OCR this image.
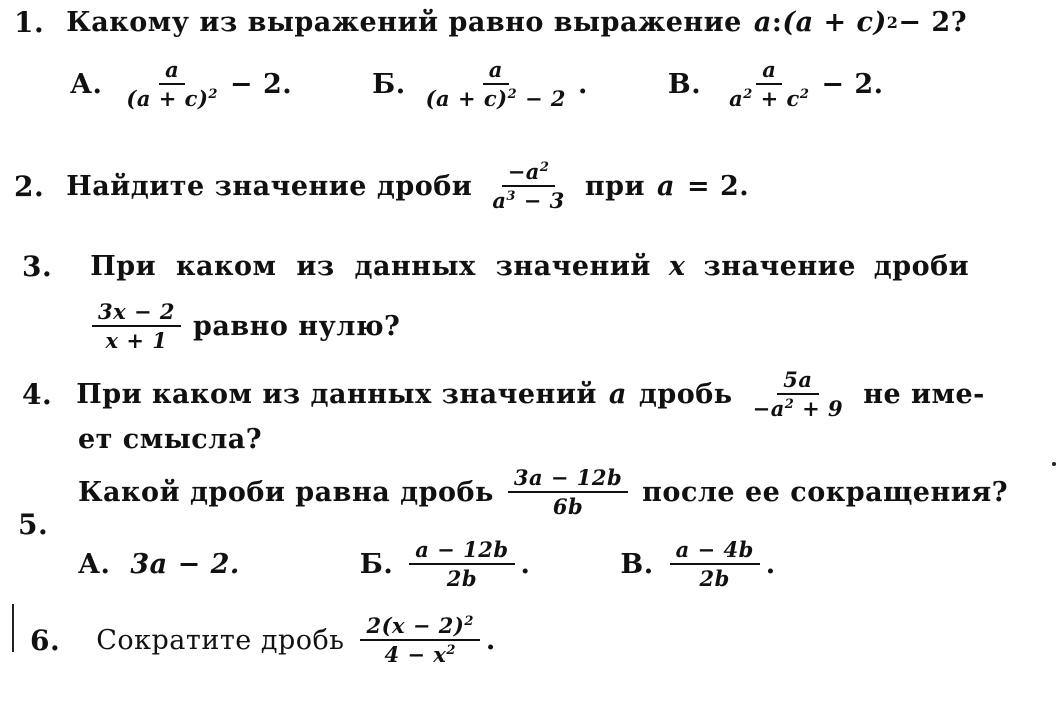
1. Какому из выражений равно выражение a : (a + c) 2 − 2?
А. $\frac{a}{(a + c)^2} - 2$.	Б. $\frac{a}{(a + c)^2 - 2}$ .	В. $\frac{a}{a^2 + c^2} - 2$.
2. Найдите значение дроби $\frac{-a^2}{a^3 - 3}$ при a = 2.
3. При каком из данных значений x значение дроби
$\frac{3x - 2}{x + 1}$ равно нулю?
4. При каком из данных значений a дробь $\frac{5a}{-a^2 + 9}$ не име-
ет смысла?
Какой дроби равна дробь $\frac{3a - 12b}{6b}$ после ее сокращения?
5.
А. 3a − 2.	Б. $\frac{a - 12b}{2b}$ .	В. $\frac{a - 4b}{2b}$ .
6. Сократите дробь $\frac{2(x - 2)^2}{4 - x^2}$ .
